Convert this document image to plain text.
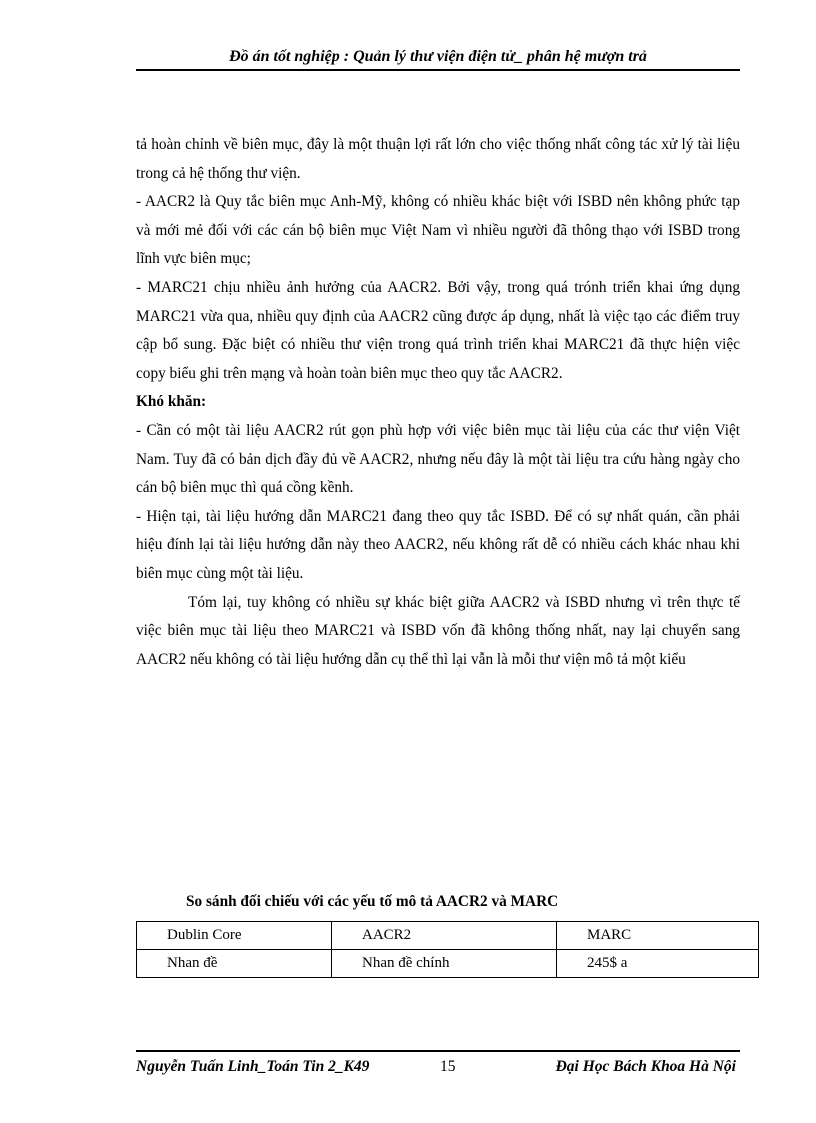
Đồ án tốt nghiệp : Quản lý thư viện điện tử_ phân hệ mượn trả

tả hoàn chỉnh về biên mục, đây là một thuận lợi rất lớn cho việc thống nhất công tác xử lý tài liệu trong cả hệ thống thư viện.

- AACR2 là Quy tắc biên mục Anh-Mỹ, không có nhiều khác biệt với ISBD nên không phức tạp và mới mẻ đối với các cán bộ biên mục Việt Nam vì nhiều người đã thông thạo với ISBD trong lĩnh vực biên mục;

- MARC21 chịu nhiều ảnh hưởng của AACR2. Bởi vậy, trong quá trónh triển khai ứng dụng MARC21 vừa qua, nhiều quy định của AACR2 cũng được áp dụng, nhất là việc tạo các điểm truy cập bổ sung. Đặc biệt có nhiều thư viện trong quá trình triển khai MARC21 đã thực hiện việc copy biểu ghi trên mạng và hoàn toàn biên mục theo quy tắc AACR2.

Khó khăn:

- Cần có một tài liệu AACR2 rút gọn phù hợp với việc biên mục tài liệu của các thư viện Việt Nam. Tuy đã có bản dịch đầy đủ về AACR2, nhưng nếu đây là một tài liệu tra cứu hàng ngày cho cán bộ biên mục thì quá cồng kềnh.

- Hiện tại, tài liệu hướng dẫn MARC21 đang theo quy tắc ISBD. Để có sự nhất quán, cần phải hiệu đính lại tài liệu hướng dẫn này theo AACR2, nếu không rất dễ có nhiều cách khác nhau khi biên mục cùng một tài liệu.

Tóm lại, tuy không có nhiều sự khác biệt giữa AACR2 và ISBD nhưng vì trên thực tế việc biên mục tài liệu theo MARC21 và ISBD vốn đã không thống nhất, nay lại chuyển sang AACR2 nếu không có tài liệu hướng dẫn cụ thể thì lại vẫn là mỗi thư viện mô tả một kiểu

So sánh đối chiếu với các yếu tố mô tả AACR2 và MARC
Dublin Core	AACR2	MARC
Nhan đề	Nhan đề chính	245$ a
Nguyễn Tuấn Linh_Toán Tin 2_K49	15	Đại Học Bách Khoa Hà Nội
